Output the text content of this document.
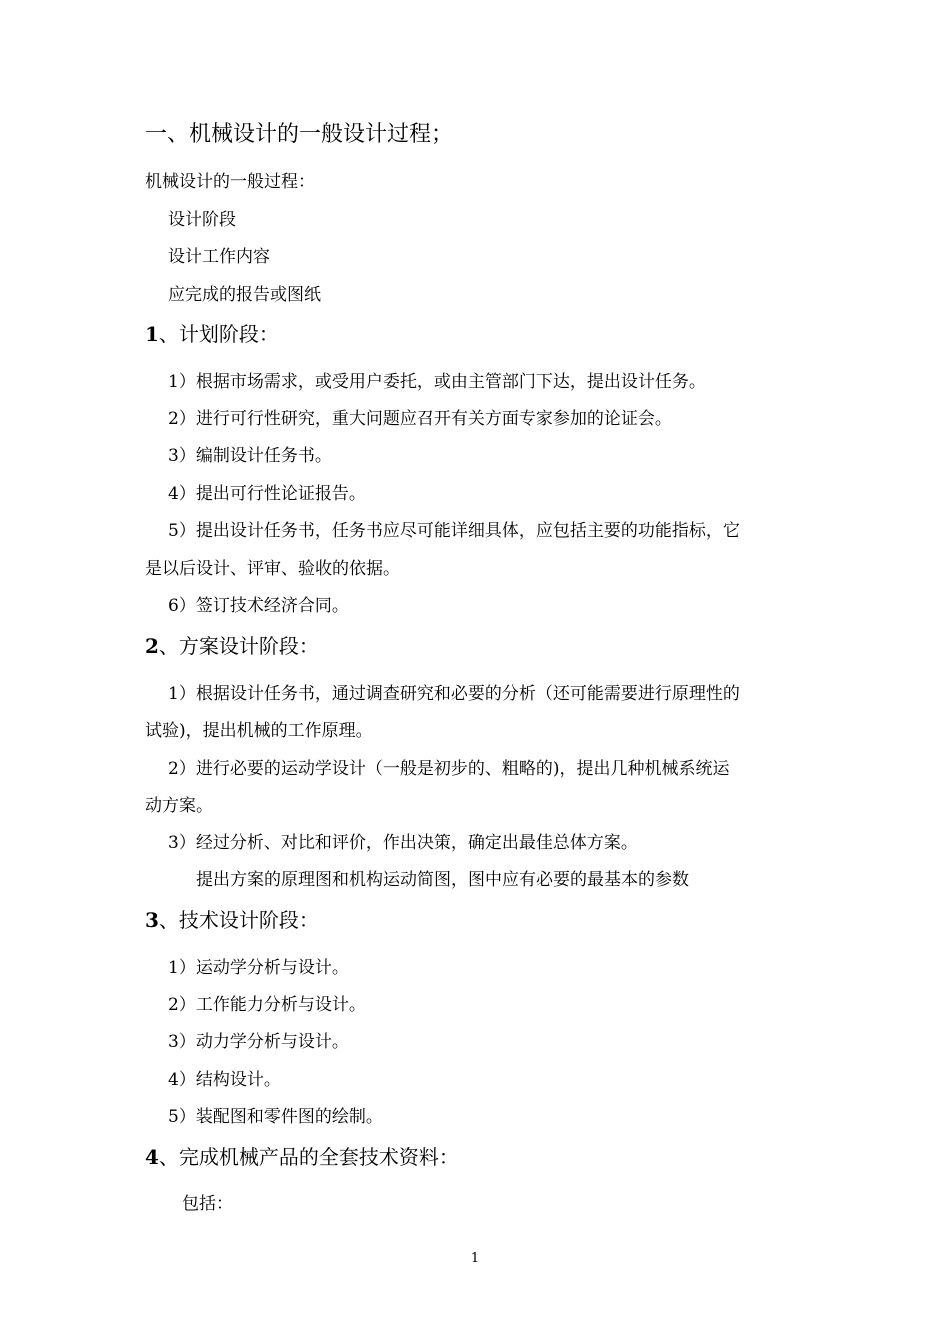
一、机械设计的一般设计过程；
机械设计的一般过程：
设计阶段
设计工作内容
应完成的报告或图纸
1、计划阶段：
1）根据市场需求，或受用户委托，或由主管部门下达，提出设计任务。
2）进行可行性研究，重大问题应召开有关方面专家参加的论证会。
3）编制设计任务书。
4）提出可行性论证报告。
5）提出设计任务书，任务书应尽可能详细具体，应包括主要的功能指标，它
是以后设计、评审、验收的依据。
6）签订技术经济合同。
2、方案设计阶段：
1）根据设计任务书，通过调查研究和必要的分析（还可能需要进行原理性的
试验)，提出机械的工作原理。
2）进行必要的运动学设计（一般是初步的、粗略的)，提出几种机械系统运
动方案。
3）经过分析、对比和评价，作出决策，确定出最佳总体方案。
提出方案的原理图和机构运动简图，图中应有必要的最基本的参数
3、技术设计阶段：
1）运动学分析与设计。
2）工作能力分析与设计。
3）动力学分析与设计。
4）结构设计。
5）装配图和零件图的绘制。
4、完成机械产品的全套技术资料：
包括：
1
